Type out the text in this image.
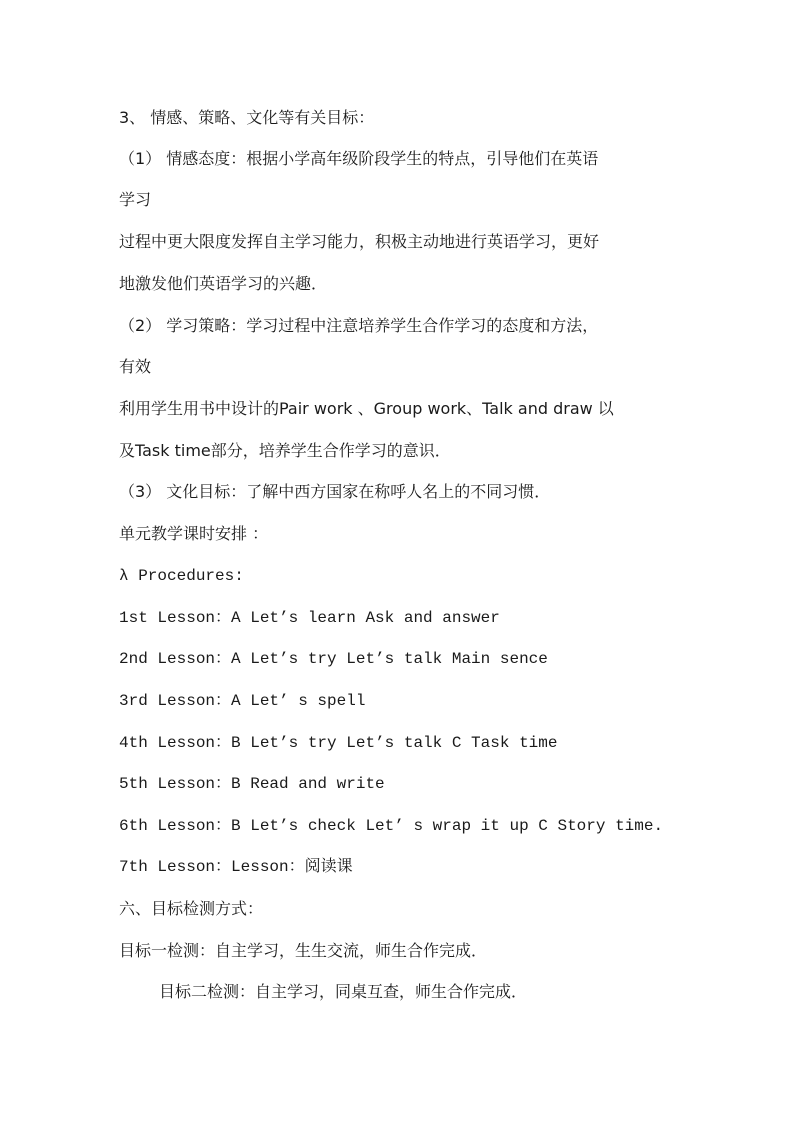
3、 情感、策略、文化等有关目标：
（1） 情感态度：根据小学高年级阶段学生的特点，引导他们在英语
学习
过程中更大限度发挥自主学习能力，积极主动地进行英语学习，更好
地激发他们英语学习的兴趣．
（2） 学习策略：学习过程中注意培养学生合作学习的态度和方法，
有效
利用学生用书中设计的Pair work 、Group work、Talk and draw 以
及Task time部分，培养学生合作学习的意识．
（3） 文化目标：了解中西方国家在称呼人名上的不同习惯．
单元教学课时安排 ：
λ Procedures:
1st Lesson：A Let’s learn Ask and answer
2nd Lesson：A Let’s try Let’s talk Main sence
3rd Lesson：A Let’ s spell
4th Lesson：B Let’s try Let’s talk C Task time
5th Lesson：B Read and write
6th Lesson：B Let’s check Let’ s wrap it up C Story time.
7th Lesson：Lesson：阅读课
六、目标检测方式：
目标一检测：自主学习，生生交流，师生合作完成．
目标二检测：自主学习，同桌互查，师生合作完成．
